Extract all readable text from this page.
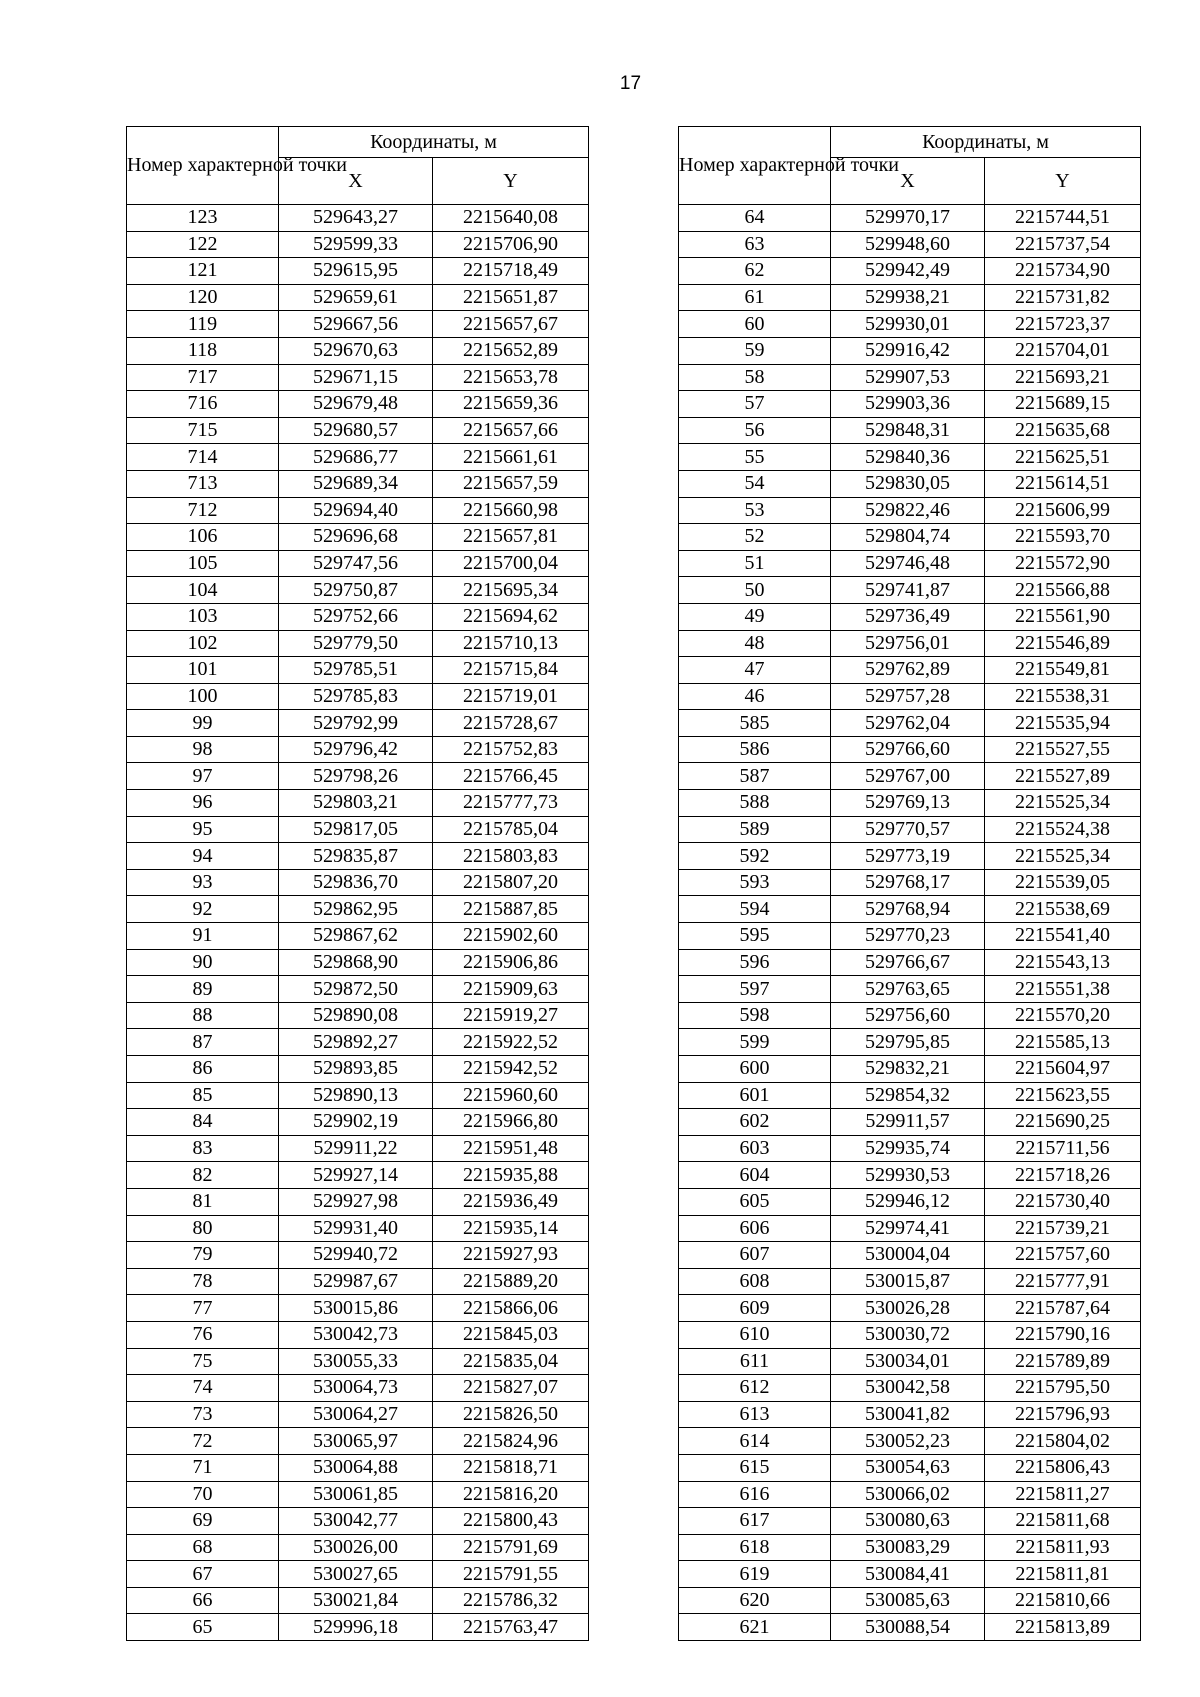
17
Номер характерной точки	Координаты, м	
	X	Y
123	529643,27	2215640,08
122	529599,33	2215706,90
121	529615,95	2215718,49
120	529659,61	2215651,87
119	529667,56	2215657,67
118	529670,63	2215652,89
717	529671,15	2215653,78
716	529679,48	2215659,36
715	529680,57	2215657,66
714	529686,77	2215661,61
713	529689,34	2215657,59
712	529694,40	2215660,98
106	529696,68	2215657,81
105	529747,56	2215700,04
104	529750,87	2215695,34
103	529752,66	2215694,62
102	529779,50	2215710,13
101	529785,51	2215715,84
100	529785,83	2215719,01
99	529792,99	2215728,67
98	529796,42	2215752,83
97	529798,26	2215766,45
96	529803,21	2215777,73
95	529817,05	2215785,04
94	529835,87	2215803,83
93	529836,70	2215807,20
92	529862,95	2215887,85
91	529867,62	2215902,60
90	529868,90	2215906,86
89	529872,50	2215909,63
88	529890,08	2215919,27
87	529892,27	2215922,52
86	529893,85	2215942,52
85	529890,13	2215960,60
84	529902,19	2215966,80
83	529911,22	2215951,48
82	529927,14	2215935,88
81	529927,98	2215936,49
80	529931,40	2215935,14
79	529940,72	2215927,93
78	529987,67	2215889,20
77	530015,86	2215866,06
76	530042,73	2215845,03
75	530055,33	2215835,04
74	530064,73	2215827,07
73	530064,27	2215826,50
72	530065,97	2215824,96
71	530064,88	2215818,71
70	530061,85	2215816,20
69	530042,77	2215800,43
68	530026,00	2215791,69
67	530027,65	2215791,55
66	530021,84	2215786,32
65	529996,18	2215763,47
Номер характерной точки	Координаты, м	
	X	Y
64	529970,17	2215744,51
63	529948,60	2215737,54
62	529942,49	2215734,90
61	529938,21	2215731,82
60	529930,01	2215723,37
59	529916,42	2215704,01
58	529907,53	2215693,21
57	529903,36	2215689,15
56	529848,31	2215635,68
55	529840,36	2215625,51
54	529830,05	2215614,51
53	529822,46	2215606,99
52	529804,74	2215593,70
51	529746,48	2215572,90
50	529741,87	2215566,88
49	529736,49	2215561,90
48	529756,01	2215546,89
47	529762,89	2215549,81
46	529757,28	2215538,31
585	529762,04	2215535,94
586	529766,60	2215527,55
587	529767,00	2215527,89
588	529769,13	2215525,34
589	529770,57	2215524,38
592	529773,19	2215525,34
593	529768,17	2215539,05
594	529768,94	2215538,69
595	529770,23	2215541,40
596	529766,67	2215543,13
597	529763,65	2215551,38
598	529756,60	2215570,20
599	529795,85	2215585,13
600	529832,21	2215604,97
601	529854,32	2215623,55
602	529911,57	2215690,25
603	529935,74	2215711,56
604	529930,53	2215718,26
605	529946,12	2215730,40
606	529974,41	2215739,21
607	530004,04	2215757,60
608	530015,87	2215777,91
609	530026,28	2215787,64
610	530030,72	2215790,16
611	530034,01	2215789,89
612	530042,58	2215795,50
613	530041,82	2215796,93
614	530052,23	2215804,02
615	530054,63	2215806,43
616	530066,02	2215811,27
617	530080,63	2215811,68
618	530083,29	2215811,93
619	530084,41	2215811,81
620	530085,63	2215810,66
621	530088,54	2215813,89
